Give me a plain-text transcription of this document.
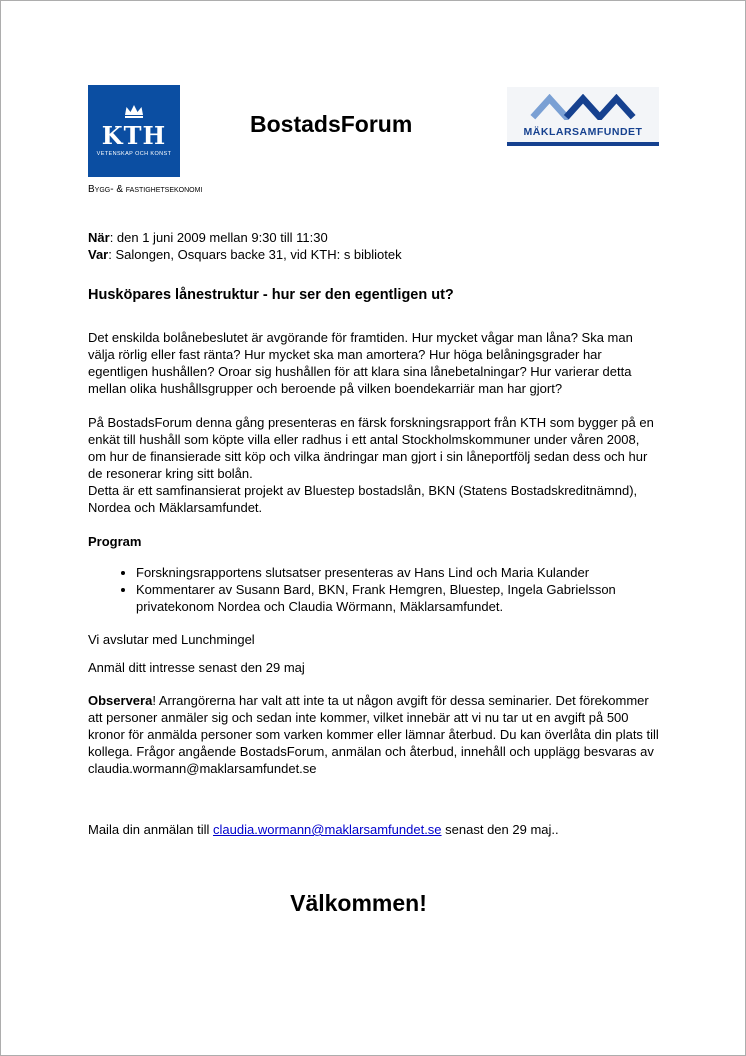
KTH
VETENSKAP OCH KONST
Bygg- & fastighetsekonomi
BostadsForum	MÄKLARSAMFUNDET
När: den 1 juni 2009 mellan 9:30 till 11:30
Var: Salongen, Osquars backe 31, vid KTH: s bibliotek
Husköpares lånestruktur - hur ser den egentligen ut?
Det enskilda bolånebeslutet är avgörande för framtiden. Hur mycket vågar man låna? Ska man välja rörlig eller fast ränta? Hur mycket ska man amortera? Hur höga belåningsgrader har egentligen hushållen? Oroar sig hushållen för att klara sina lånebetalningar? Hur varierar detta mellan olika hushållsgrupper och beroende på vilken boendekarriär man har gjort?
På BostadsForum denna gång presenteras en färsk forskningsrapport från KTH som bygger på en enkät till hushåll som köpte villa eller radhus i ett antal Stockholmskommuner under våren 2008, om hur de finansierade sitt köp och vilka ändringar man gjort i sin låneportfölj sedan dess och hur de resonerar kring sitt bolån.
Detta är ett samfinansierat projekt av Bluestep bostadslån, BKN (Statens Bostadskreditnämnd), Nordea och Mäklarsamfundet.
Program
• Forskningsrapportens slutsatser presenteras av Hans Lind och Maria Kulander
• Kommentarer av Susann Bard, BKN, Frank Hemgren, Bluestep, Ingela Gabrielsson privatekonom Nordea och Claudia Wörmann, Mäklarsamfundet.
Vi avslutar med Lunchmingel
Anmäl ditt intresse senast den 29 maj
Observera! Arrangörerna har valt att inte ta ut någon avgift för dessa seminarier. Det förekommer att personer anmäler sig och sedan inte kommer, vilket innebär att vi nu tar ut en avgift på 500 kronor för anmälda personer som varken kommer eller lämnar återbud. Du kan överlåta din plats till kollega. Frågor angående BostadsForum, anmälan och återbud, innehåll och upplägg besvaras av claudia.wormann@maklarsamfundet.se
Maila din anmälan till claudia.wormann@maklarsamfundet.se senast den 29 maj..
Välkommen!
